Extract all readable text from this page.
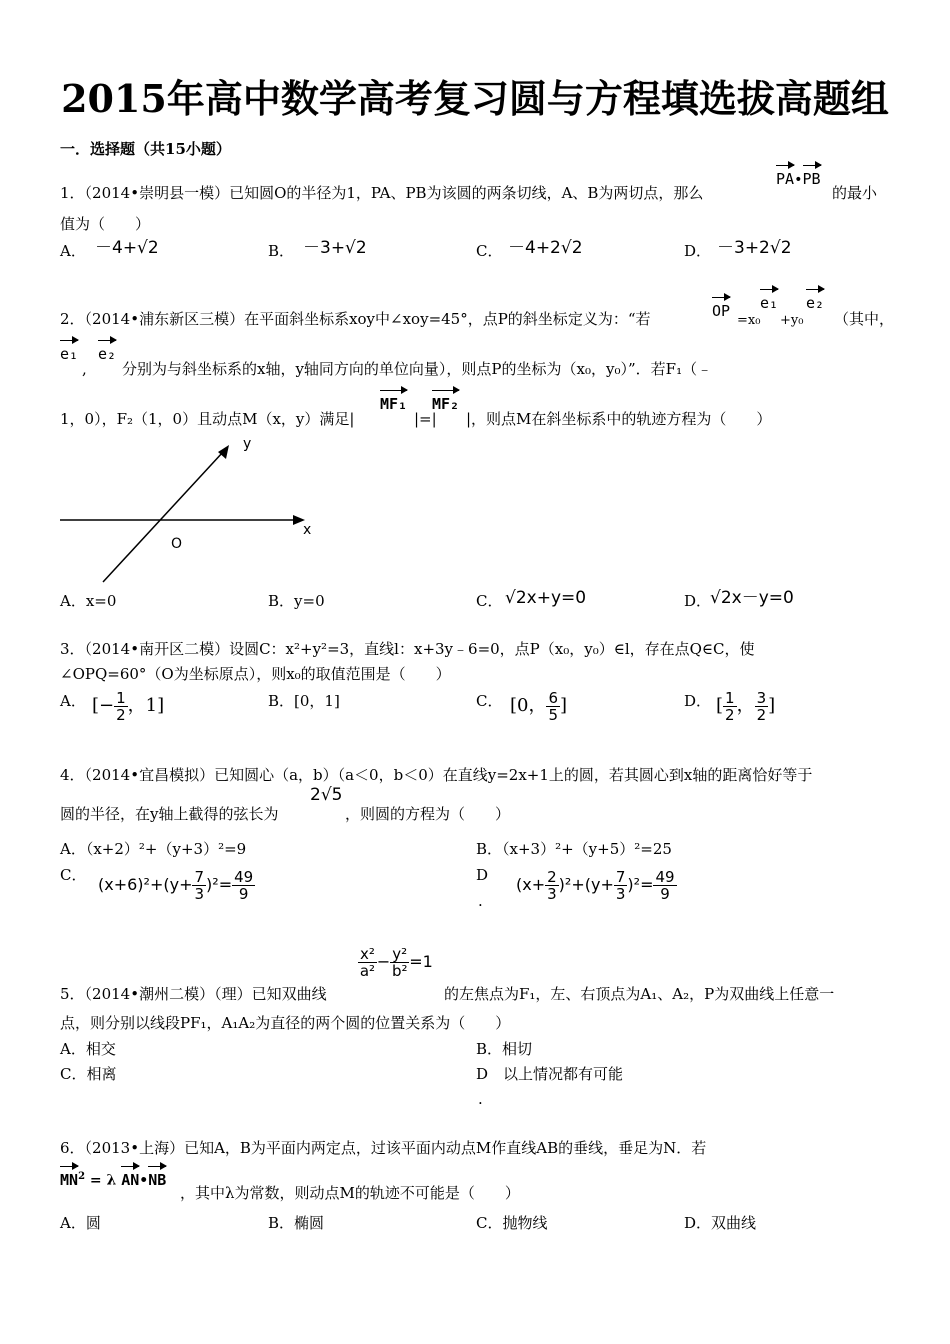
2015年高中数学高考复习圆与方程填选拔高题组
一．选择题（共15小题）
1．（2014•崇明县一模）已知圆O的半径为1，PA、PB为该圆的两条切线，A、B为两切点，那么
PA•PB
的最小
值为（　　）
A． －4+√2	B． －3+√2	C． －4+2√2	D． －3+2√2
2．（2014•浦东新区三模）在平面斜坐标系xoy中∠xoy=45°，点P的斜坐标定义为：“若	OP
=x₀
e₁
+y₀
e₂
（其中，
e₁
,
e₂
分别为与斜坐标系的x轴，y轴同方向的单位向量），则点P的坐标为（x₀，y₀）”．若F₁（﹣
1，0），F₂（1，0）且动点M（x，y）满足|
MF₁
|=|
MF₂
|，则点M在斜坐标系中的轨迹方程为（　　）
x
y
O
A．x=0	B．y=0	C． √2x+y=0	D．
√2x－y=0
3．（2014•南开区二模）设圆C：x²+y²=3，直线l：x+3y﹣6=0，点P（x₀，y₀）∈l，存在点Q∈C，使
∠OPQ=60°（O为坐标原点），则x₀的取值范围是（　　）
A． [− $\frac{1}{2}$ ，1]	B．[0，1]	C． [0， $\frac{6}{5}$ ]	D． [ $\frac{1}{2}$ ， $\frac{3}{2}$ ]
4．（2014•宜昌模拟）已知圆心（a，b）（a＜0，b＜0）在直线y=2x+1上的圆，若其圆心到x轴的距离恰好等于
圆的半径，在y轴上截得的弦长为
2√5
，则圆的方程为（　　）
A．（x+2）²+（y+3）²=9	B．（x+3）²+（y+5）²=25
C． $(x+6)^2+(y+ \frac{7}{3} )^2= \frac{49}{9}$	D
.
$(x+ \frac{2}{3} )^2+(y+ \frac{7}{3} )^2= \frac{49}{9}$
$\frac{\text{x²}}{\text{a²}} - \frac{\text{y²}}{\text{b²}} =1$
5．（2014•潮州二模）（理）已知双曲线	的左焦点为F₁，左、右顶点为A₁、A₂，P为双曲线上任意一
点，则分别以线段PF₁，A₁A₂为直径的两个圆的位置关系为（　　）
A．相交	B．相切
C．相离	D　以上情况都有可能
.
6．（2013•上海）已知A，B为平面内两定点，过该平面内动点M作直线AB的垂线，垂足为N．若
$MN^2 = \lambda$ AN•NB
，其中λ为常数，则动点M的轨迹不可能是（　　）
A．圆	B．椭圆	C．抛物线	D．双曲线
